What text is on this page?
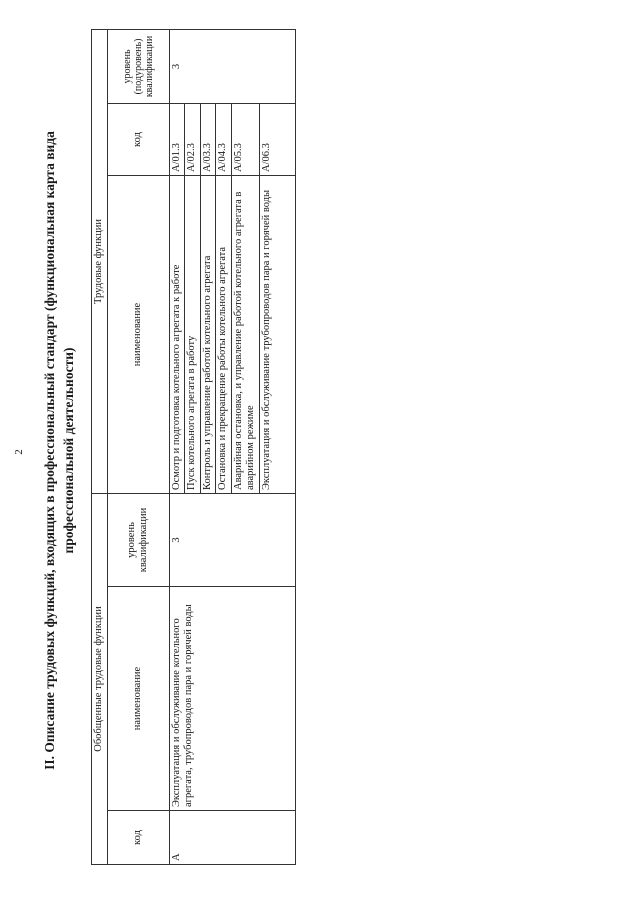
2 II. Описание трудовых функций, входящих в профессиональный стандарт (функциональная карта вида профессиональной деятельности)
Обобщенные трудовые функции			Трудовые функции		
код	наименование	уровень квалификации	наименование	код	уровень (подуровень) квалификации
А	Эксплуатация и обслуживание котельного агрегата, трубопроводов пара и горячей воды	3	Осмотр и подготовка котельного агрегата к работе	A/01.3	3
			Пуск котельного агрегата в работу	A/02.3	
			Контроль и управление работой котельного агрегата	A/03.3	
			Остановка и прекращение работы котельного агрегата	A/04.3	
			Аварийная остановка, и управление работой котельного агрегата в аварийном режиме	A/05.3	
			Эксплуатация и обслуживание трубопроводов пара и горячей воды	A/06.3	
